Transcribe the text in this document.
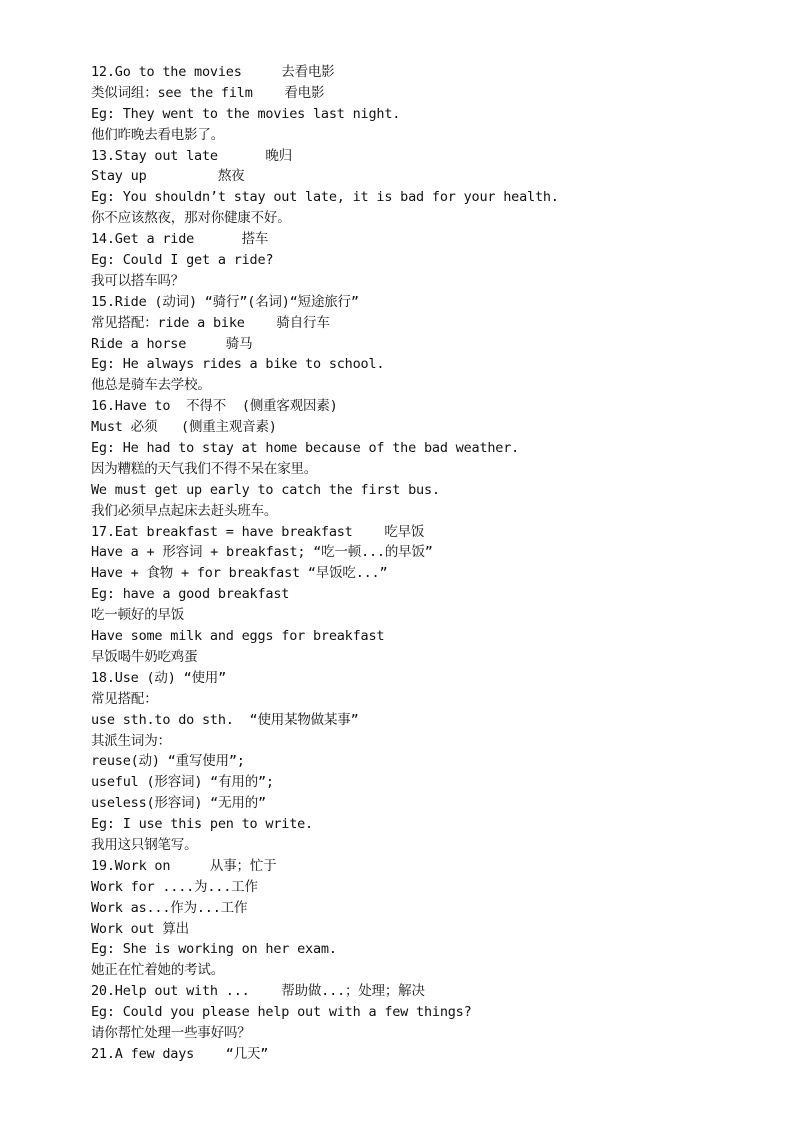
12.Go to the movies     去看电影
类似词组：see the film    看电影
Eg: They went to the movies last night.
他们昨晚去看电影了。
13.Stay out late      晚归
Stay up         熬夜
Eg: You shouldn’t stay out late, it is bad for your health.
你不应该熬夜，那对你健康不好。
14.Get a ride      搭车
Eg: Could I get a ride?
我可以搭车吗？
15.Ride (动词) “骑行”(名词)“短途旅行”
常见搭配：ride a bike    骑自行车
Ride a horse     骑马
Eg: He always rides a bike to school.
他总是骑车去学校。
16.Have to  不得不  (侧重客观因素)
Must 必须   (侧重主观音素)
Eg: He had to stay at home because of the bad weather.
因为糟糕的天气我们不得不呆在家里。
We must get up early to catch the first bus.
我们必须早点起床去赶头班车。
17.Eat breakfast = have breakfast    吃早饭
Have a + 形容词 + breakfast; “吃一顿...的早饭”
Have + 食物 + for breakfast “早饭吃...”
Eg: have a good breakfast
吃一顿好的早饭
Have some milk and eggs for breakfast
早饭喝牛奶吃鸡蛋
18.Use (动) “使用”
常见搭配：
use sth.to do sth.  “使用某物做某事”
其派生词为：
reuse(动) “重写使用”;
useful (形容词) “有用的”;
useless(形容词) “无用的”
Eg: I use this pen to write.
我用这只钢笔写。
19.Work on     从事；忙于
Work for ....为...工作
Work as...作为...工作
Work out 算出
Eg: She is working on her exam.
她正在忙着她的考试。
20.Help out with ...    帮助做...；处理；解决
Eg: Could you please help out with a few things?
请你帮忙处理一些事好吗？
21.A few days    “几天”
